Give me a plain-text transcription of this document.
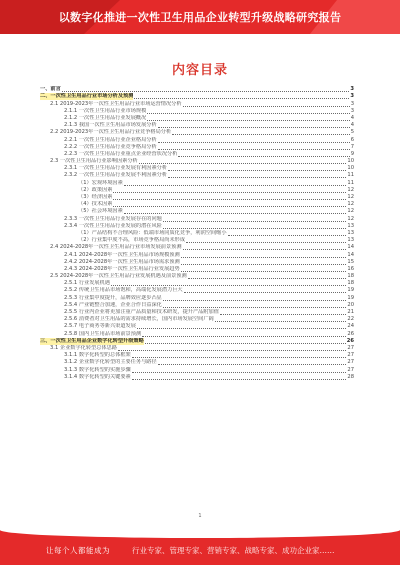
以数字化推进一次性卫生用品企业转型升级战略研究报告
内容目录
一、前言	3
二、一次性卫生用品行业市场分析及预测	3
2.1 2019-2023年一次性卫生用品行业市场运营情况分析	3
2.1.1 一次性卫生用品行业市场规模	3
2.1.2 一次性卫生用品行业发展概况	4
2.1.3 我国一次性卫生用品市场发展分析	4
2.2 2019-2023年一次性卫生用品行业竞争格局分析	5
2.2.1 一次性卫生用品行业企业格局分析	6
2.2.2 一次性卫生用品行业竞争格局分析	7
2.2.3 一次性卫生用品行业重点企业经营状况分析	9
2.3 一次性卫生用品行业影响因素分析	10
2.3.1 一次性卫生用品行业发展有利因素分析	10
2.3.2 一次性卫生用品行业发展不利因素分析	11
（1）宏观环境因素	11
（2）政策因素	12
（3）经济因素	12
（4）技术因素	12
（5）社会环境因素	12
2.3.3 一次性卫生用品行业发展存在的问题	12
2.3.4 一次性卫生用品行业发展的潜在风险	13
（1）产品结构不合理风险：低端市场同质化竞争，利润空间缩小	13
（2）行业集中度不高，市场竞争格局尚未形成	13
2.4 2024-2028年一次性卫生用品行业市场发展前景预测	14
2.4.1 2024-2028年一次性卫生用品市场规模预测	14
2.4.2 2024-2028年一次性卫生用品市场需求预测	15
2.4.3 2024-2028年一次性卫生用品行业发展趋势	16
2.5 2024-2028年一次性卫生用品行业发展机遇及前景预测	18
2.5.1 行业发展机遇	18
2.5.2 传统卫生用品市场饱和，高端化发展潜力巨大	19
2.5.3 行业集中度提升，品牌效应逐步凸显	19
2.5.4 产业链整合加速，企业合作日益深化	20
2.5.5 行业内企业将更加注重产品质量和技术研发，提升产品附加值	21
2.5.6 消费者对卫生用品的需求持续增长，国内市场发展空间广阔	22
2.5.7 电子商务等新兴渠道发展	24
2.5.8 国内卫生用品市场前景预测	26
三、一次性卫生用品企业数字化转型升级策略	26
3.1 企业数字化转型总体思路	27
3.1.1 数字化转型的总体框架	27
3.1.2 企业数字化转型的主要任务与路径	27
3.1.3 数字化转型的实施步骤	27
3.1.4 数字化转型的关键要素	28
1
让每个人都能成为	行业专家、管理专家、营销专家、战略专家、成功企业家……
